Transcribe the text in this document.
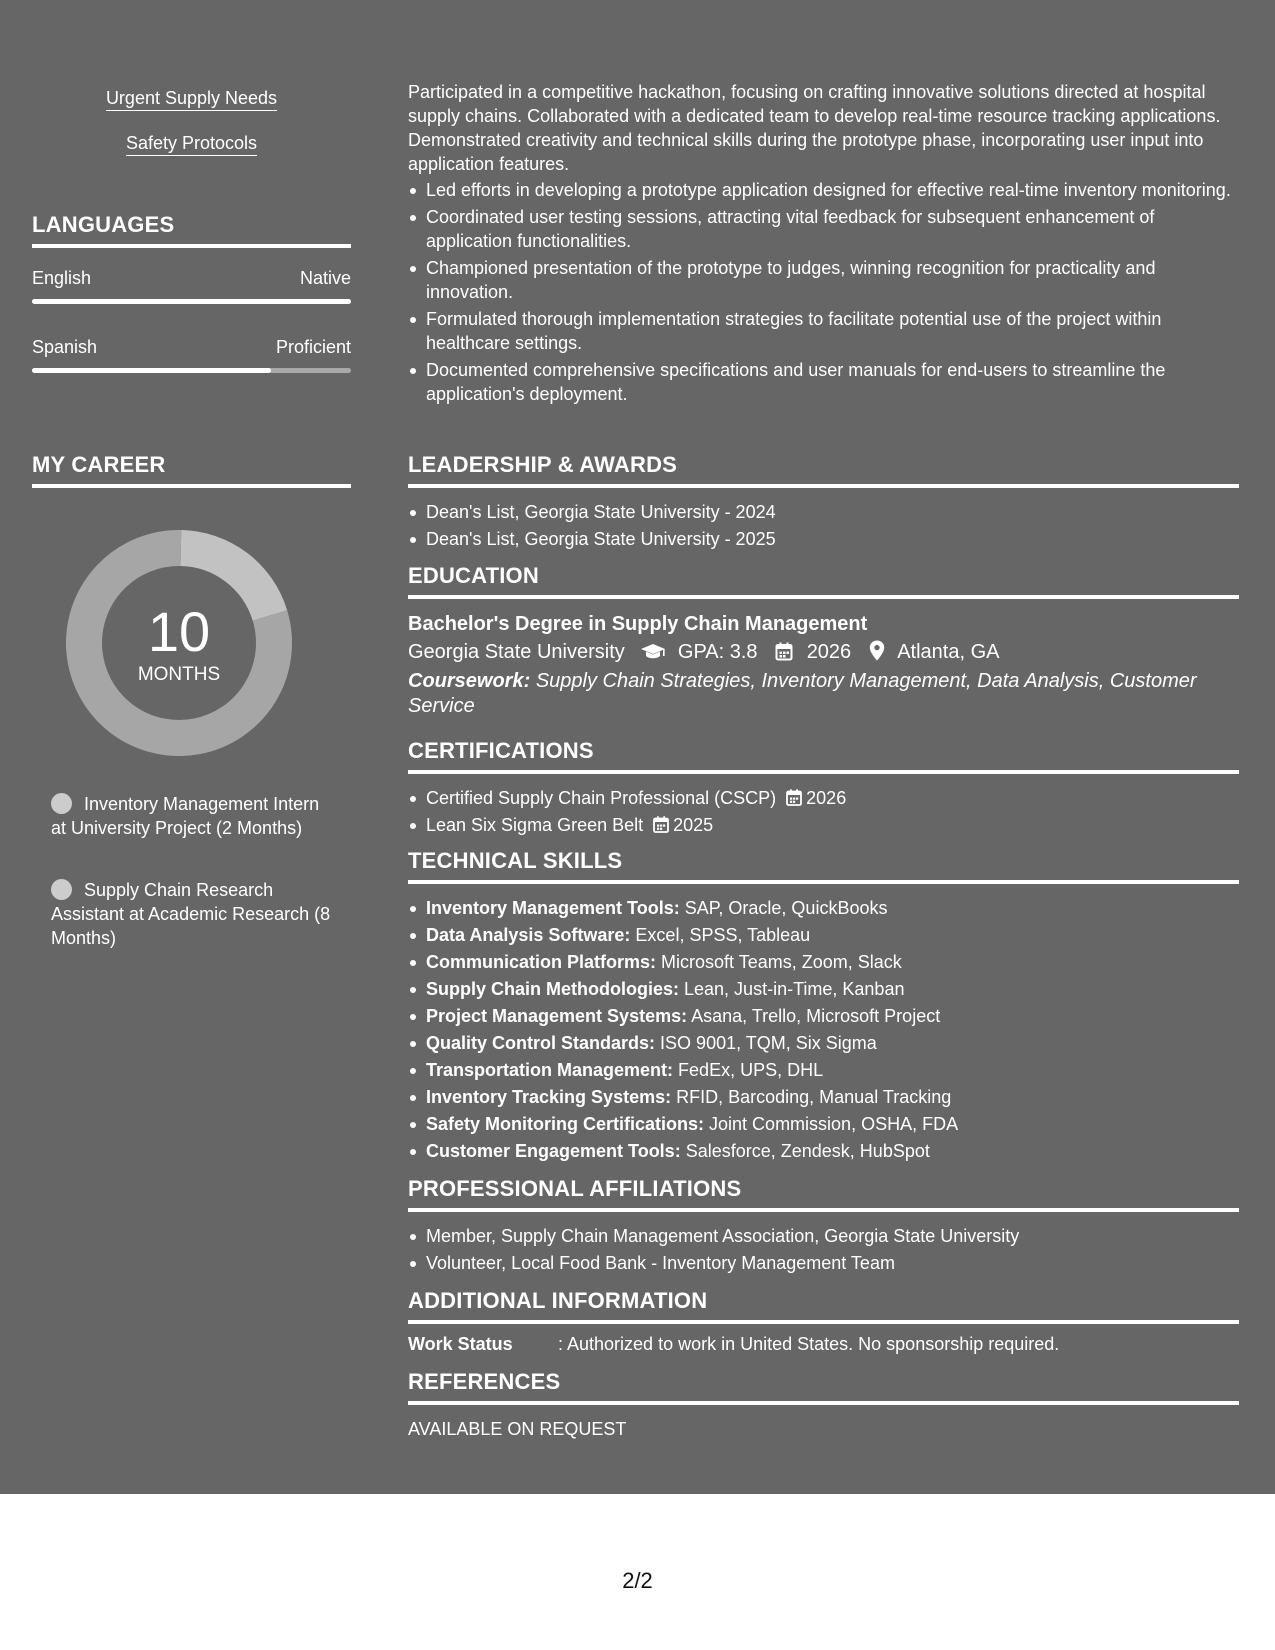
Urgent Supply Needs
Safety Protocols
LANGUAGES
English	Native
Spanish	Proficient
MY CAREER
10
MONTHS
Inventory Management Intern at University Project (2 Months)
Supply Chain Research Assistant at Academic Research (8 Months)

Participated in a competitive hackathon, focusing on crafting innovative solutions directed at hospital supply chains. Collaborated with a dedicated team to develop real-time resource tracking applications. Demonstrated creativity and technical skills during the prototype phase, incorporating user input into application features.

Led efforts in developing a prototype application designed for effective real-time inventory monitoring.
Coordinated user testing sessions, attracting vital feedback for subsequent enhancement of application functionalities.
Championed presentation of the prototype to judges, winning recognition for practicality and innovation.
Formulated thorough implementation strategies to facilitate potential use of the project within healthcare settings.
Documented comprehensive specifications and user manuals for end-users to streamline the application's deployment.
LEADERSHIP & AWARDS
Dean's List, Georgia State University - 2024
Dean's List, Georgia State University - 2025
EDUCATION
Bachelor's Degree in Supply Chain Management
Georgia State University	GPA: 3.8 2026 Atlanta, GA
Coursework: Supply Chain Strategies, Inventory Management, Data Analysis, Customer Service
CERTIFICATIONS
Certified Supply Chain Professional (CSCP) 2026
Lean Six Sigma Green Belt 2025
TECHNICAL SKILLS
Inventory Management Tools: SAP, Oracle, QuickBooks
Data Analysis Software: Excel, SPSS, Tableau
Communication Platforms: Microsoft Teams, Zoom, Slack
Supply Chain Methodologies: Lean, Just-in-Time, Kanban
Project Management Systems: Asana, Trello, Microsoft Project
Quality Control Standards: ISO 9001, TQM, Six Sigma
Transportation Management: FedEx, UPS, DHL
Inventory Tracking Systems: RFID, Barcoding, Manual Tracking
Safety Monitoring Certifications: Joint Commission, OSHA, FDA
Customer Engagement Tools: Salesforce, Zendesk, HubSpot
PROFESSIONAL AFFILIATIONS
Member, Supply Chain Management Association, Georgia State University
Volunteer, Local Food Bank - Inventory Management Team
ADDITIONAL INFORMATION
Work Status	: Authorized to work in United States. No sponsorship required.
REFERENCES
AVAILABLE ON REQUEST
2/2
